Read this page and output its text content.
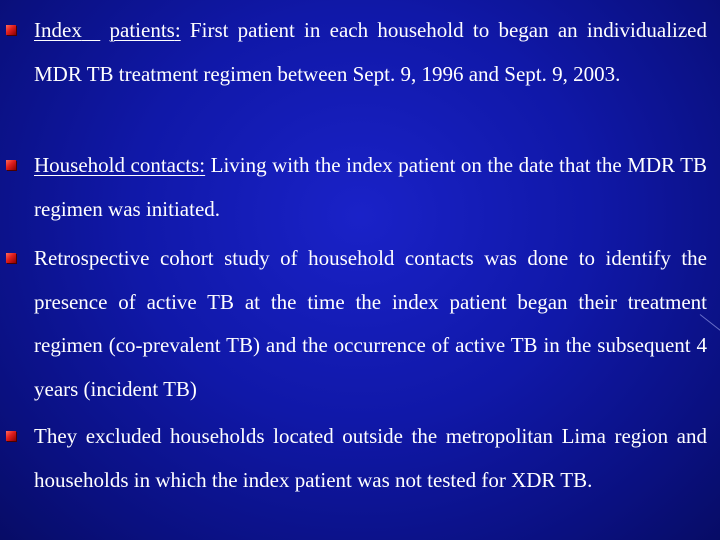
Index patients: First patient in each household to began an individualized MDR TB treatment regimen between Sept. 9, 1996 and Sept. 9, 2003.
Household contacts: Living with the index patient on the date that the MDR TB regimen was initiated.
Retrospective cohort study of household contacts was done to identify the presence of active TB at the time the index patient began their treatment regimen (co-prevalent TB) and the occurrence of active TB in the subsequent 4 years (incident TB)
They excluded households located outside the metropolitan Lima region and households in which the index patient was not tested for XDR TB.
